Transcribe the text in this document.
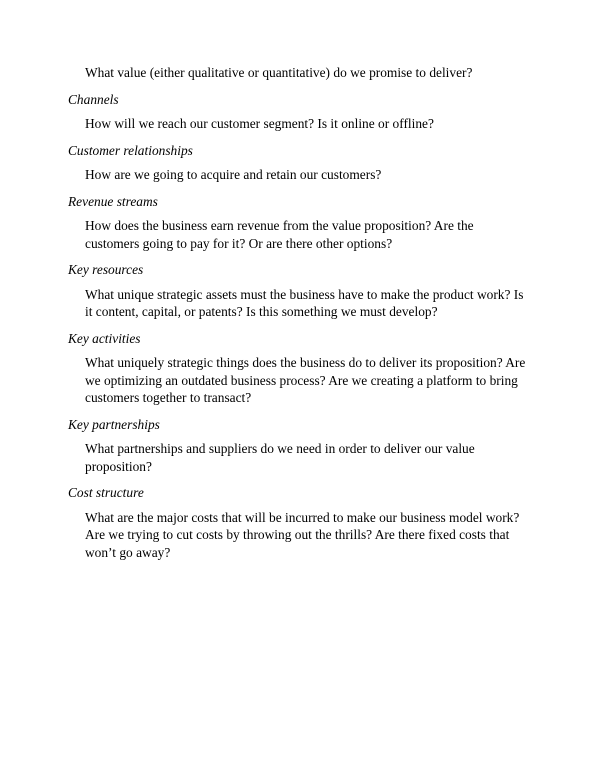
What value (either qualitative or quantitative) do we promise to deliver?

Channels

How will we reach our customer segment? Is it online or offline?

Customer relationships

How are we going to acquire and retain our customers?

Revenue streams

How does the business earn revenue from the value proposition? Are the customers going to pay for it? Or are there other options?

Key resources

What unique strategic assets must the business have to make the product work? Is it content, capital, or patents? Is this something we must develop?

Key activities

What uniquely strategic things does the business do to deliver its proposition? Are we optimizing an outdated business process? Are we creating a platform to bring customers together to transact?

Key partnerships

What partnerships and suppliers do we need in order to deliver our value proposition?

Cost structure

What are the major costs that will be incurred to make our business model work? Are we trying to cut costs by throwing out the thrills? Are there fixed costs that won’t go away?
